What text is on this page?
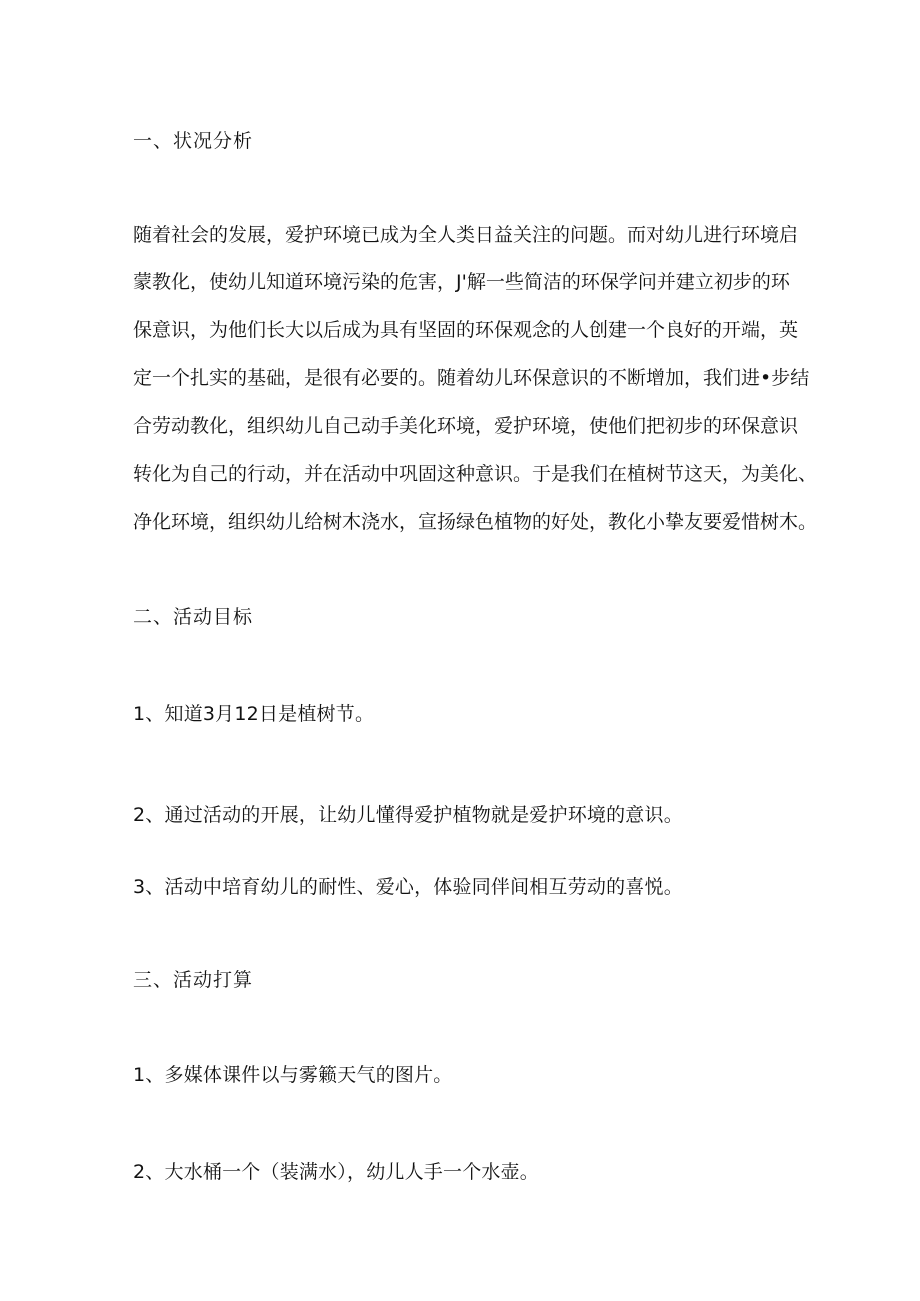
一、状况分析

随着社会的发展，爱护环境已成为全人类日益关注的问题。而对幼儿进行环境启

蒙教化，使幼儿知道环境污染的危害，J'解一些简洁的环保学问并建立初步的环

保意识，为他们长大以后成为具有坚固的环保观念的人创建一个良好的开端，英

定一个扎实的基础，是很有必要的。随着幼儿环保意识的不断增加，我们进•步结

合劳动教化，组织幼儿自己动手美化环境，爱护环境，使他们把初步的环保意识

转化为自己的行动，并在活动中巩固这种意识。于是我们在植树节这天，为美化、

净化环境，组织幼儿给树木浇水，宣扬绿色植物的好处，教化小挚友要爱惜树木。

二、活动目标

1、知道3月12日是植树节。

2、通过活动的开展，让幼儿懂得爱护植物就是爱护环境的意识。

3、活动中培育幼儿的耐性、爱心，体验同伴间相互劳动的喜悦。

三、活动打算

1、多媒体课件以与雾籁天气的图片。

2、大水桶一个（装满水），幼儿人手一个水壶。
